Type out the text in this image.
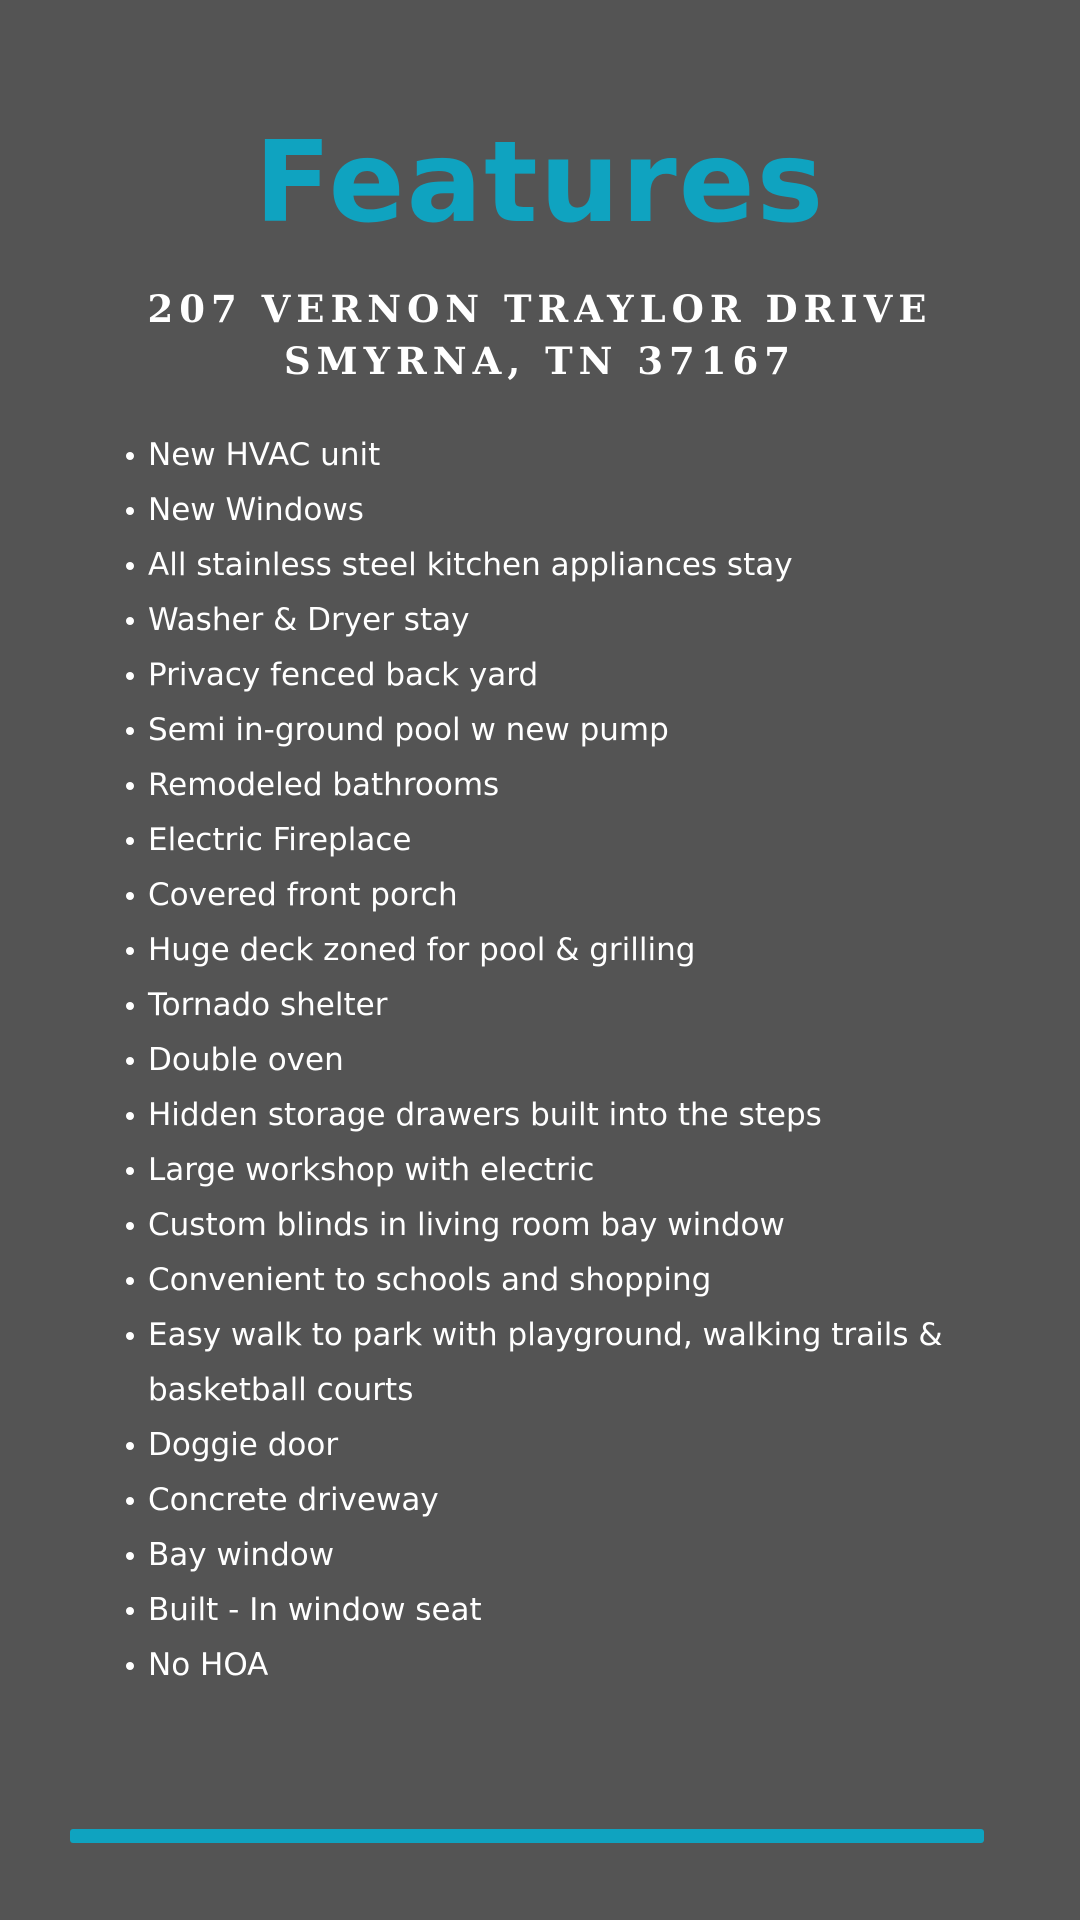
Features
207 VERNON TRAYLOR DRIVE
SMYRNA, TN 37167
New HVAC unit
New Windows
All stainless steel kitchen appliances stay
Washer & Dryer stay
Privacy fenced back yard
Semi in-ground pool w new pump
Remodeled bathrooms
Electric Fireplace
Covered front porch
Huge deck zoned for pool & grilling
Tornado shelter
Double oven
Hidden storage drawers built into the steps
Large workshop with electric
Custom blinds in living room bay window
Convenient to schools and shopping
Easy walk to park with playground, walking trails & basketball courts
Doggie door
Concrete driveway
Bay window
Built - In window seat
No HOA
